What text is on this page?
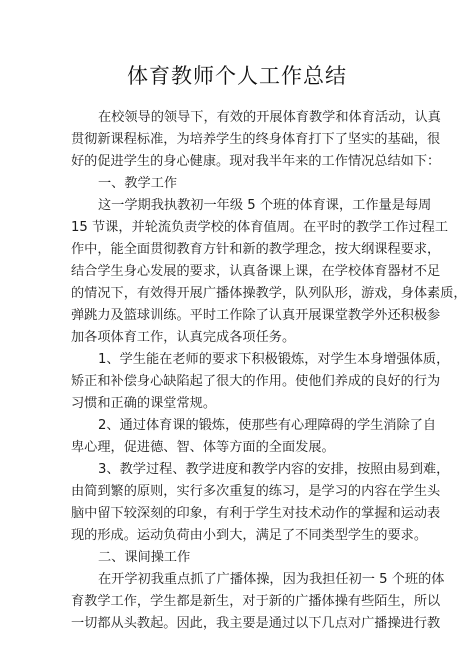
体育教师个人工作总结
在校领导的领导下，有效的开展体育教学和体育活动，认真
贯彻新课程标准，为培养学生的终身体育打下了坚实的基础，很
好的促进学生的身心健康。现对我半年来的工作情况总结如下：
一、教学工作
这一学期我执教初一年级 5 个班的体育课，工作量是每周
15 节课，并轮流负责学校的体育值周。在平时的教学工作过程工
作中，能全面贯彻教育方针和新的教学理念，按大纲课程要求，
结合学生身心发展的要求，认真备课上课，在学校体育器材不足
的情况下，有效得开展广播体操教学，队列队形，游戏，身体素质，
弹跳力及篮球训练。平时工作除了认真开展课堂教学外还积极参
加各项体育工作，认真完成各项任务。
1、学生能在老师的要求下积极锻炼，对学生本身增强体质，
矫正和补偿身心缺陷起了很大的作用。使他们养成的良好的行为
习惯和正确的课堂常规。
2、通过体育课的锻炼，使那些有心理障碍的学生消除了自
卑心理，促进德、智、体等方面的全面发展。
3、教学过程、教学进度和教学内容的安排，按照由易到难，
由简到繁的原则，实行多次重复的练习，是学习的内容在学生头
脑中留下较深刻的印象，有利于学生对技术动作的掌握和运动表
现的形成。运动负荷由小到大，满足了不同类型学生的要求。
二、课间操工作
在开学初我重点抓了广播体操，因为我担任初一 5 个班的体
育教学工作，学生都是新生，对于新的广播体操有些陌生，所以
一切都从头教起。因此，我主要是通过以下几点对广播操进行教
